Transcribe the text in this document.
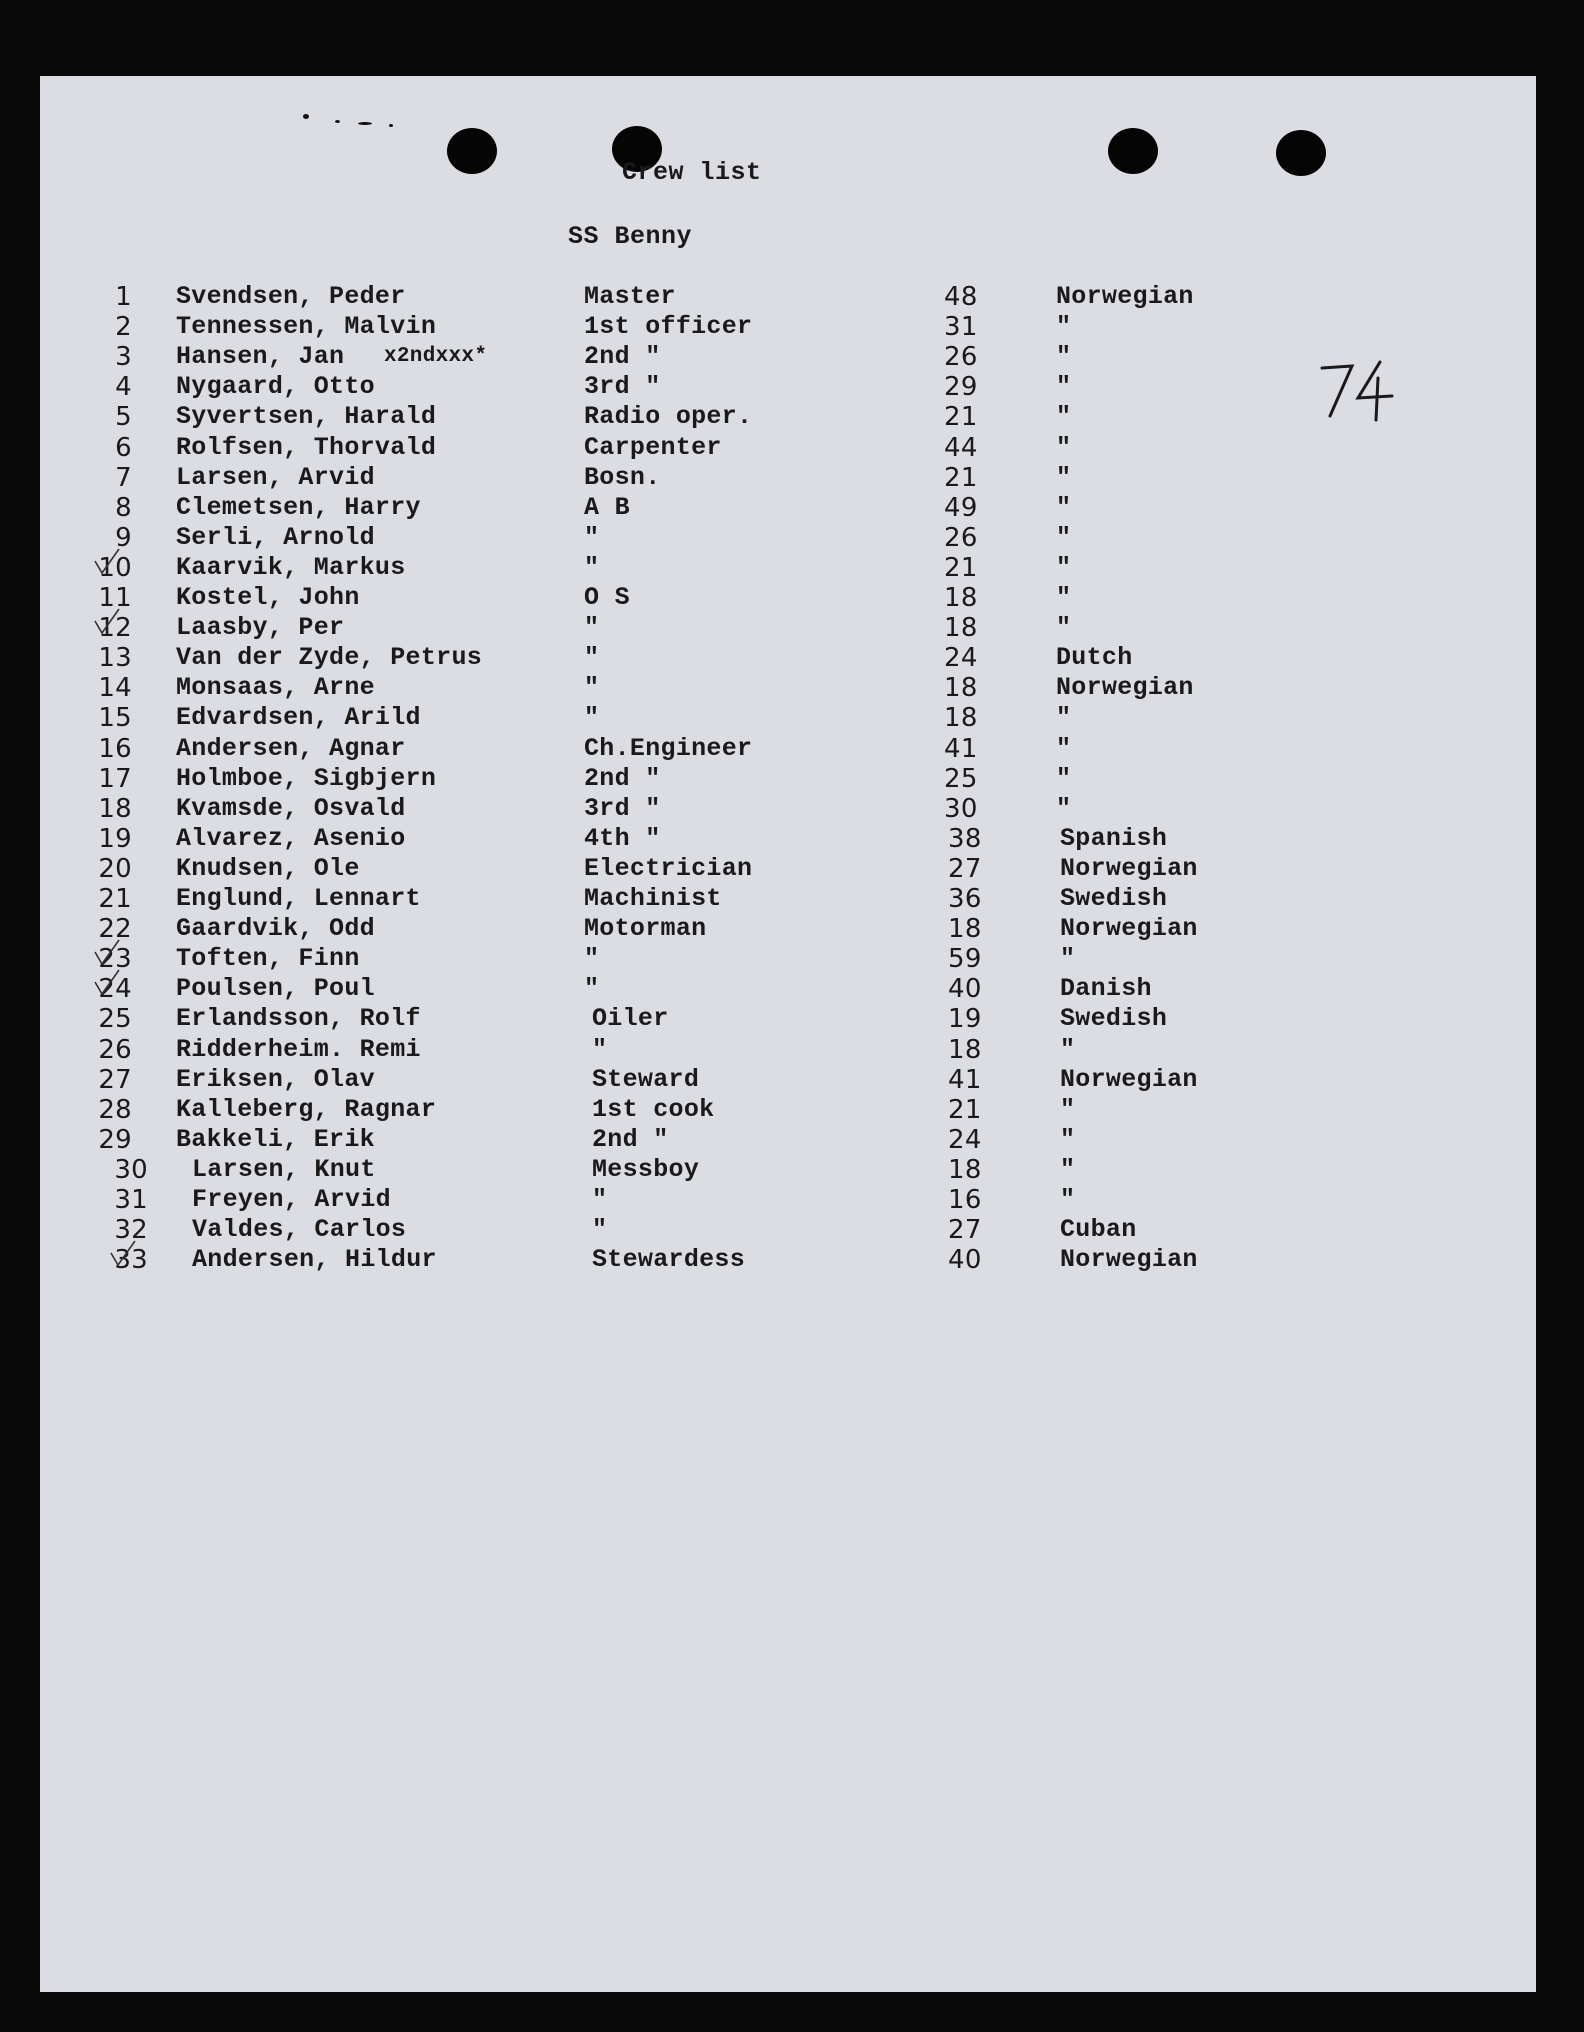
Crew list
SS Benny
1 Svendsen, Peder	Master	48	Norwegian
2 Tennessen, Malvin	1st officer	31	"
3 Hansen, Jan	2nd "	26	"
x2ndxxx*
4 Nygaard, Otto	3rd "	29	"
5 Syvertsen, Harald	Radio oper.	21	"
6 Rolfsen, Thorvald	Carpenter	44	"
7 Larsen, Arvid	Bosn.	21	"
8 Clemetsen, Harry	A B	49	"
9 Serli, Arnold	"	26	"
10 Kaarvik, Markus	"	21	"
11 Kostel, John	O S	18	"
12 Laasby, Per	"	18	"
13 Van der Zyde, Petrus	"	24	Dutch
14 Monsaas, Arne	"	18	Norwegian
15 Edvardsen, Arild	"	18	"
16 Andersen, Agnar	Ch.Engineer	41	"
17 Holmboe, Sigbjern	2nd "	25	"
18 Kvamsde, Osvald	3rd "	30	"
19 Alvarez, Asenio	4th "	38	Spanish
20 Knudsen, Ole	Electrician	27	Norwegian
21 Englund, Lennart	Machinist	36	Swedish
22 Gaardvik, Odd	Motorman	18	Norwegian
23 Toften, Finn	"	59	"
24 Poulsen, Poul	"	40	Danish
25 Erlandsson, Rolf	Oiler	19	Swedish
26 Ridderheim. Remi	"	18	"
27 Eriksen, Olav	Steward	41	Norwegian
28 Kalleberg, Ragnar	1st cook	21	"
29 Bakkeli, Erik	2nd "	24	"
30 Larsen, Knut	Messboy	18	"
31 Freyen, Arvid	"	16	"
32 Valdes, Carlos	"	27	Cuban
33 Andersen, Hildur	Stewardess	40	Norwegian
